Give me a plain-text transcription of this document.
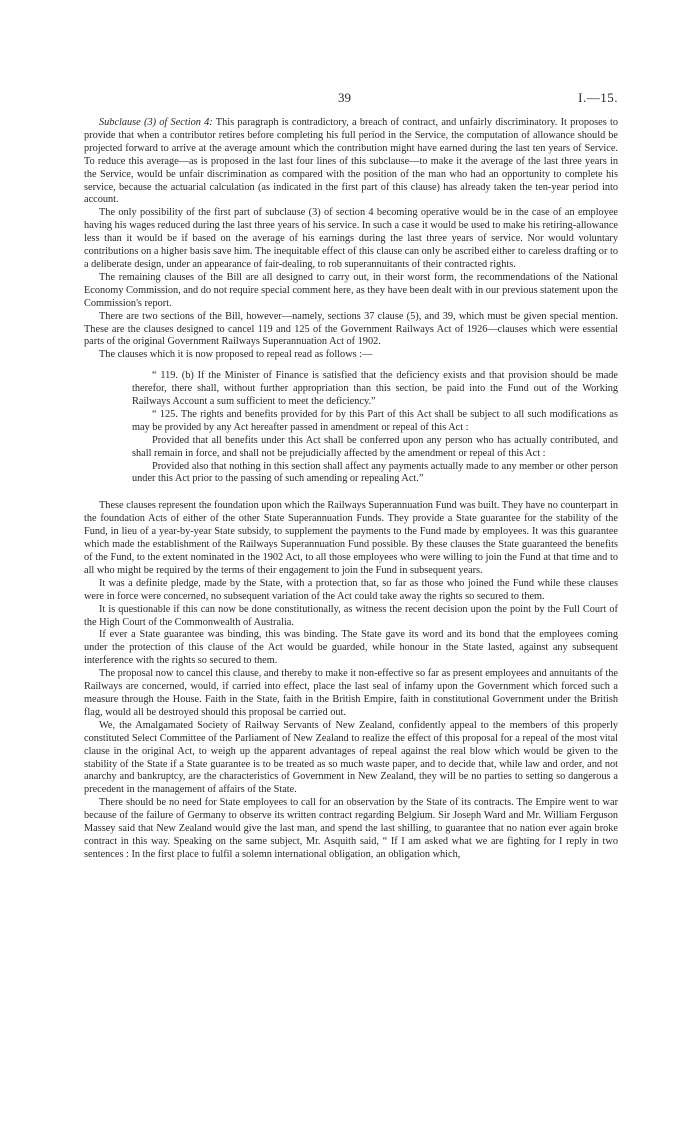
39	I.—15.

Subclause (3) of Section 4: This paragraph is contradictory, a breach of contract, and unfairly discriminatory. It proposes to provide that when a contributor retires before completing his full period in the Service, the computation of allowance should be projected forward to arrive at the average amount which the contribution might have earned during the last ten years of Service. To reduce this average—as is proposed in the last four lines of this subclause—to make it the average of the last three years in the Service, would be unfair discrimination as compared with the position of the man who had an opportunity to complete his service, because the actuarial calculation (as indicated in the first part of this clause) has already taken the ten-year period into account.

The only possibility of the first part of subclause (3) of section 4 becoming operative would be in the case of an employee having his wages reduced during the last three years of his service. In such a case it would be used to make his retiring-allowance less than it would be if based on the average of his earnings during the last three years of service. Nor would voluntary contributions on a higher basis save him. The inequitable effect of this clause can only be ascribed either to careless drafting or to a deliberate design, under an appearance of fair-dealing, to rob superannuitants of their contracted rights.

The remaining clauses of the Bill are all designed to carry out, in their worst form, the recommendations of the National Economy Commission, and do not require special comment here, as they have been dealt with in our previous statement upon the Commission's report.

There are two sections of the Bill, however—namely, sections 37 clause (5), and 39, which must be given special mention. These are the clauses designed to cancel 119 and 125 of the Government Railways Act of 1926—clauses which were essential parts of the original Government Railways Superannuation Act of 1902.

The clauses which it is now proposed to repeal read as follows :—

“ 119. (b) If the Minister of Finance is satisfied that the deficiency exists and that provision should be made therefor, there shall, without further appropriation than this section, be paid into the Fund out of the Working Railways Account a sum sufficient to meet the deficiency.”

“ 125. The rights and benefits provided for by this Part of this Act shall be subject to all such modifications as may be provided by any Act hereafter passed in amendment or repeal of this Act :

Provided that all benefits under this Act shall be conferred upon any person who has actually contributed, and shall remain in force, and shall not be prejudicially affected by the amendment or repeal of this Act :

Provided also that nothing in this section shall affect any payments actually made to any member or other person under this Act prior to the passing of such amending or repealing Act.”

These clauses represent the foundation upon which the Railways Superannuation Fund was built. They have no counterpart in the foundation Acts of either of the other State Superannuation Funds. They provide a State guarantee for the stability of the Fund, in lieu of a year-by-year State subsidy, to supplement the payments to the Fund made by employees. It was this guarantee which made the establishment of the Railways Superannuation Fund possible. By these clauses the State guaranteed the benefits of the Fund, to the extent nominated in the 1902 Act, to all those employees who were willing to join the Fund at that time and to all who might be required by the terms of their engagement to join the Fund in subsequent years.

It was a definite pledge, made by the State, with a protection that, so far as those who joined the Fund while these clauses were in force were concerned, no subsequent variation of the Act could take away the rights so secured to them.

It is questionable if this can now be done constitutionally, as witness the recent decision upon the point by the Full Court of the High Court of the Commonwealth of Australia.

If ever a State guarantee was binding, this was binding. The State gave its word and its bond that the employees coming under the protection of this clause of the Act would be guarded, while honour in the State lasted, against any subsequent interference with the rights so secured to them.

The proposal now to cancel this clause, and thereby to make it non-effective so far as present employees and annuitants of the Railways are concerned, would, if carried into effect, place the last seal of infamy upon the Government which forced such a measure through the House. Faith in the State, faith in the British Empire, faith in constitutional Government under the British flag, would all be destroyed should this proposal be carried out.

We, the Amalgamated Society of Railway Servants of New Zealand, confidently appeal to the members of this properly constituted Select Committee of the Parliament of New Zealand to realize the effect of this proposal for a repeal of the most vital clause in the original Act, to weigh up the apparent advantages of repeal against the real blow which would be given to the stability of the State if a State guarantee is to be treated as so much waste paper, and to decide that, while law and order, and not anarchy and bankruptcy, are the characteristics of Government in New Zealand, they will be no parties to setting so dangerous a precedent in the management of affairs of the State.

There should be no need for State employees to call for an observation by the State of its contracts. The Empire went to war because of the failure of Germany to observe its written contract regarding Belgium. Sir Joseph Ward and Mr. William Ferguson Massey said that New Zealand would give the last man, and spend the last shilling, to guarantee that no nation ever again broke contract in this way. Speaking on the same subject, Mr. Asquith said, “ If I am asked what we are fighting for I reply in two sentences : In the first place to fulfil a solemn international obligation, an obligation which,
